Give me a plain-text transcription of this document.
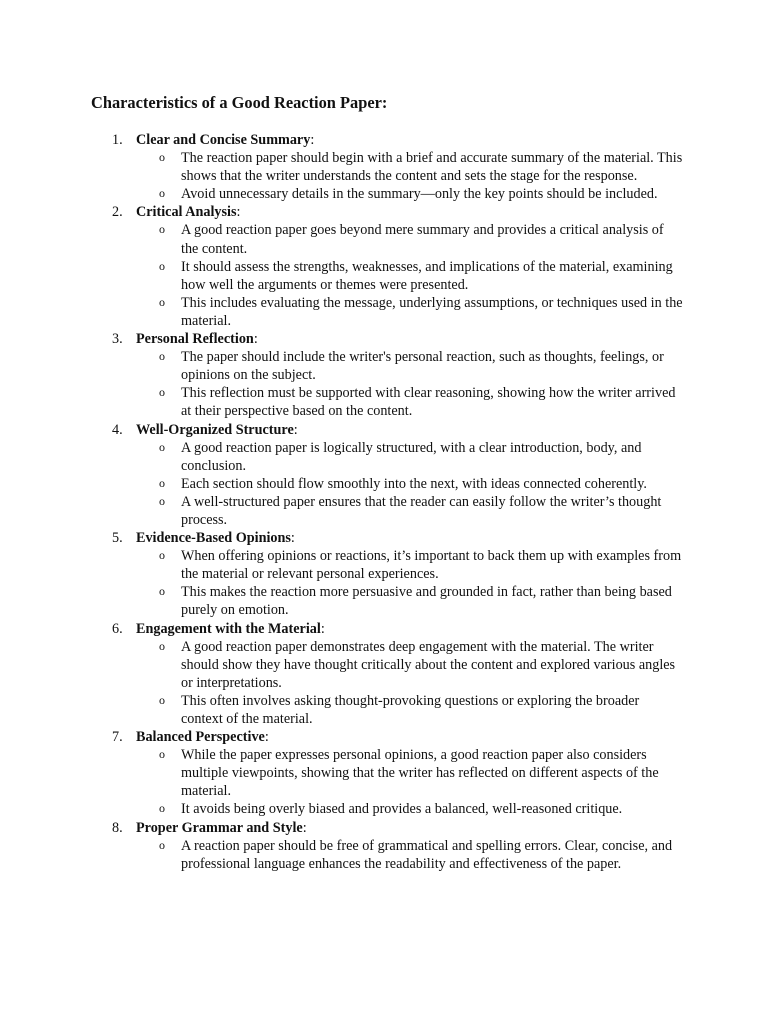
Characteristics of a Good Reaction Paper:
1. Clear and Concise Summary:
o The reaction paper should begin with a brief and accurate summary of the material. This shows that the writer understands the content and sets the stage for the response.
o Avoid unnecessary details in the summary—only the key points should be included.
2. Critical Analysis:
o A good reaction paper goes beyond mere summary and provides a critical analysis of the content.
o It should assess the strengths, weaknesses, and implications of the material, examining how well the arguments or themes were presented.
o This includes evaluating the message, underlying assumptions, or techniques used in the material.
3. Personal Reflection:
o The paper should include the writer's personal reaction, such as thoughts, feelings, or opinions on the subject.
o This reflection must be supported with clear reasoning, showing how the writer arrived at their perspective based on the content.
4. Well-Organized Structure:
o A good reaction paper is logically structured, with a clear introduction, body, and conclusion.
o Each section should flow smoothly into the next, with ideas connected coherently.
o A well-structured paper ensures that the reader can easily follow the writer’s thought process.
5. Evidence-Based Opinions:
o When offering opinions or reactions, it’s important to back them up with examples from the material or relevant personal experiences.
o This makes the reaction more persuasive and grounded in fact, rather than being based purely on emotion.
6. Engagement with the Material:
o A good reaction paper demonstrates deep engagement with the material. The writer should show they have thought critically about the content and explored various angles or interpretations.
o This often involves asking thought-provoking questions or exploring the broader context of the material.
7. Balanced Perspective:
o While the paper expresses personal opinions, a good reaction paper also considers multiple viewpoints, showing that the writer has reflected on different aspects of the material.
o It avoids being overly biased and provides a balanced, well-reasoned critique.
8. Proper Grammar and Style:
o A reaction paper should be free of grammatical and spelling errors. Clear, concise, and professional language enhances the readability and effectiveness of the paper.
